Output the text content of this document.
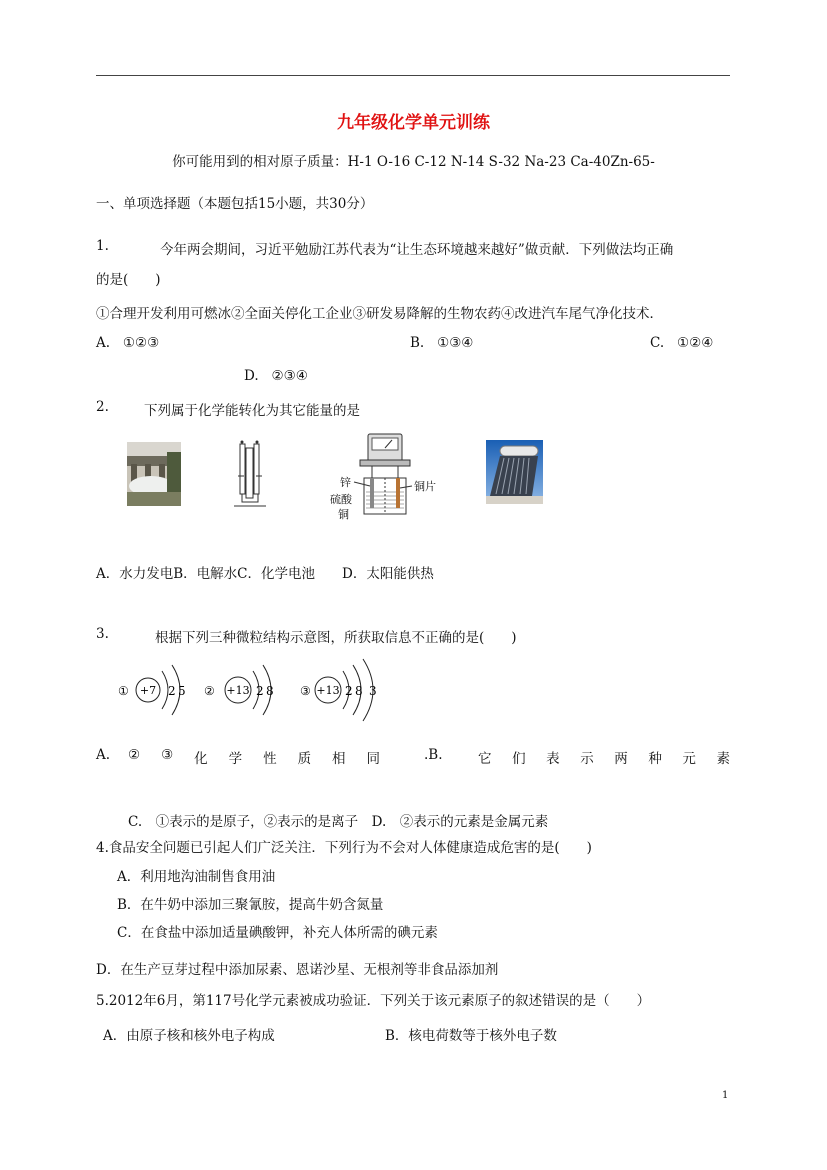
九年级化学单元训练
你可能用到的相对原子质量：H-1 O-16 C-12 N-14 S-32 Na-23 Ca-40Zn-65-
一、单项选择题（本题包括15小题，共30分）
1.	今年两会期间，习近平勉励江苏代表为“让生态环境越来越好”做贡献．下列做法均正确
的是(　　)
①合理开发利用可燃冰②全面关停化工企业③研发易降解的生物农药④改进汽车尾气净化技术．
A. ①②③	B. ①③④	C. ①②④
D. ②③④
2.	下列属于化学能转化为其它能量的是
锌	铜片
硫酸
铜
A．水力发电B．电解水C．化学电池　　D．太阳能供热
3.	根据下列三种微粒结构示意图，所获取信息不正确的是(　　)
① +7 2 5 ② +13 2 8 ③ +13 2 8 3
A. ② ③ 化 学 性 质 相 同	.B.	它 们 表 示 两 种 元 素
C.　①表示的是原子，②表示的是离子　D.　②表示的元素是金属元素
4.食品安全问题已引起人们广泛关注．下列行为不会对人体健康造成危害的是(　　)
A．利用地沟油制售食用油
B．在牛奶中添加三聚氰胺，提高牛奶含氮量
C．在食盐中添加适量碘酸钾，补充人体所需的碘元素
D．在生产豆芽过程中添加尿素、恩诺沙星、无根剂等非食品添加剂
5.2012年6月，第117号化学元素被成功验证．下列关于该元素原子的叙述错误的是（　　）
A．由原子核和核外电子构成	B．核电荷数等于核外电子数
1
